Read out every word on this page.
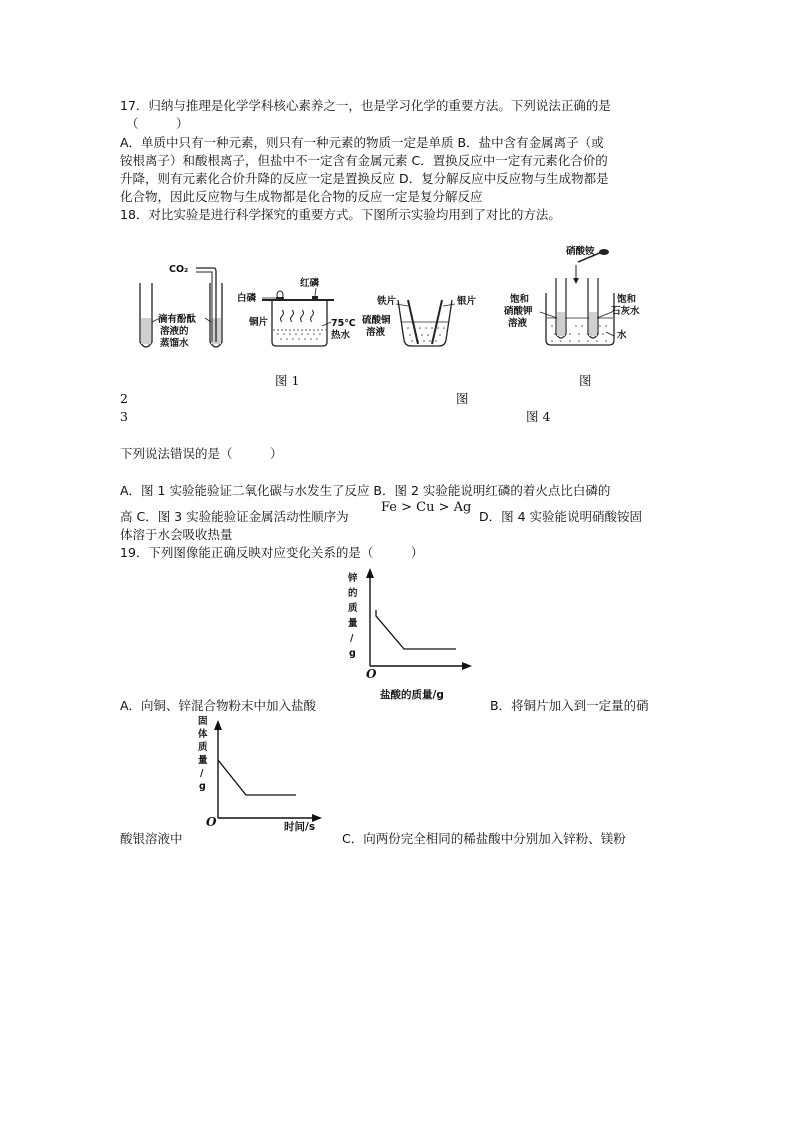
17．归纳与推理是化学学科核心素养之一，也是学习化学的重要方法。下列说法正确的是
（　　　）
A．单质中只有一种元素，则只有一种元素的物质一定是单质 B．盐中含有金属离子（或
铵根离子）和酸根离子，但盐中不一定含有金属元素 C．置换反应中一定有元素化合价的
升降，则有元素化合价升降的反应一定是置换反应 D．复分解反应中反应物与生成物都是
化合物，因此反应物与生成物都是化合物的反应一定是复分解反应
18．对比实验是进行科学探究的重要方式。下图所示实验均用到了对比的方法。
CO₂
滴有酚酞
溶液的
蒸馏水
白磷
红磷
铜片	75℃
热水
铁片	银片
硫酸铜
溶液
硝酸铵
饱和
硝酸钾
溶液
饱和
石灰水
水
图 1	图
2	图
3	图 4
下列说法错误的是（　　　）
A．图 1 实验能验证二氧化碳与水发生了反应 B．图 2 实验能说明红磷的着火点比白磷的
高 C．图 3 实验能验证金属活动性顺序为
Fe > Cu > Ag
D．图 4 实验能说明硝酸铵固
体溶于水会吸收热量
19．下列图像能正确反映对应变化关系的是（　　　）
锌
的
质
量
/
g
O
盐酸的质量/g
A．向铜、锌混合物粉末中加入盐酸	B．将铜片加入到一定量的硝
固
体
质
量
/
g
O	时间/s
酸银溶液中	C．向两份完全相同的稀盐酸中分别加入锌粉、镁粉
